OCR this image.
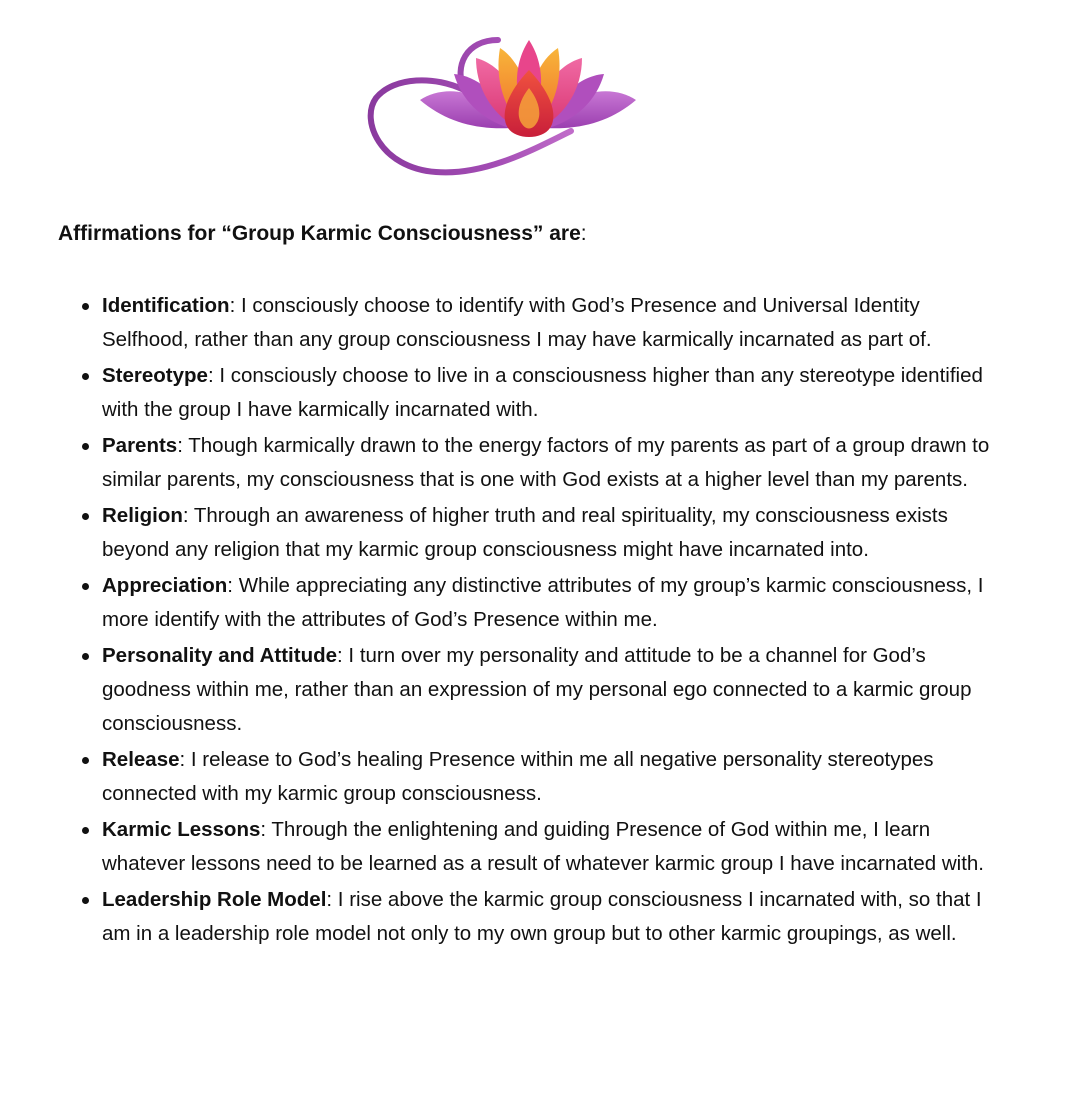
Affirmations for “Group Karmic Consciousness” are:
Identification: I consciously choose to identify with God’s Presence and Universal Identity Selfhood, rather than any group consciousness I may have karmically incarnated as part of.
Stereotype: I consciously choose to live in a consciousness higher than any stereotype identified with the group I have karmically incarnated with.
Parents: Though karmically drawn to the energy factors of my parents as part of a group drawn to similar parents, my consciousness that is one with God exists at a higher level than my parents.
Religion: Through an awareness of higher truth and real spirituality, my consciousness exists beyond any religion that my karmic group consciousness might have incarnated into.
Appreciation: While appreciating any distinctive attributes of my group’s karmic consciousness, I more identify with the attributes of God’s Presence within me.
Personality and Attitude: I turn over my personality and attitude to be a channel for God’s goodness within me, rather than an expression of my personal ego connected to a karmic group consciousness.
Release: I release to God’s healing Presence within me all negative personality stereotypes connected with my karmic group consciousness.
Karmic Lessons: Through the enlightening and guiding Presence of God within me, I learn whatever lessons need to be learned as a result of whatever karmic group I have incarnated with.
Leadership Role Model: I rise above the karmic group consciousness I incarnated with, so that I am in a leadership role model not only to my own group but to other karmic groupings, as well.
